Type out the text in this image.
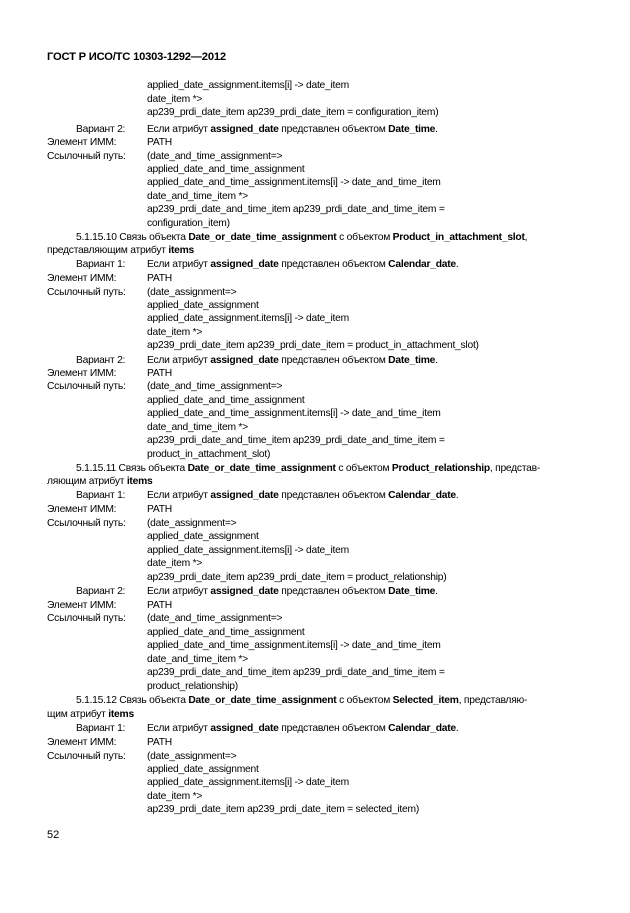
ГОСТ Р ИСО/ТС 10303-1292—2012
applied_date_assignment.items[i] -> date_item
date_item *>
ap239_prdi_date_item ap239_prdi_date_item = configuration_item)
Вариант 2: Если атрибут assigned_date представлен объектом Date_time.
Элемент ИММ:	PATH
Ссылочный путь: (date_and_time_assignment=>
applied_date_and_time_assignment
applied_date_and_time_assignment.items[i] -> date_and_time_item
date_and_time_item *>
ap239_prdi_date_and_time_item ap239_prdi_date_and_time_item =
configuration_item)
5.1.15.10 Связь объекта Date_or_date_time_assignment с объектом Product_in_attachment_slot,
представляющим атрибут items
Вариант 1: Если атрибут assigned_date представлен объектом Calendar_date.
Элемент ИММ:	PATH
Ссылочный путь: (date_assignment=>
applied_date_assignment
applied_date_assignment.items[i] -> date_item
date_item *>
ap239_prdi_date_item ap239_prdi_date_item = product_in_attachment_slot)
Вариант 2: Если атрибут assigned_date представлен объектом Date_time.
Элемент ИММ:	PATH
Ссылочный путь: (date_and_time_assignment=>
applied_date_and_time_assignment
applied_date_and_time_assignment.items[i] -> date_and_time_item
date_and_time_item *>
ap239_prdi_date_and_time_item ap239_prdi_date_and_time_item =
product_in_attachment_slot)
5.1.15.11 Связь объекта Date_or_date_time_assignment с объектом Product_relationship, представ-
ляющим атрибут items
Вариант 1: Если атрибут assigned_date представлен объектом Calendar_date.
Элемент ИММ:	PATH
Ссылочный путь: (date_assignment=>
applied_date_assignment
applied_date_assignment.items[i] -> date_item
date_item *>
ap239_prdi_date_item ap239_prdi_date_item = product_relationship)
Вариант 2: Если атрибут assigned_date представлен объектом Date_time.
Элемент ИММ:	PATH
Ссылочный путь: (date_and_time_assignment=>
applied_date_and_time_assignment
applied_date_and_time_assignment.items[i] -> date_and_time_item
date_and_time_item *>
ap239_prdi_date_and_time_item ap239_prdi_date_and_time_item =
product_relationship)
5.1.15.12 Связь объекта Date_or_date_time_assignment с объектом Selected_item, представляю-
щим атрибут items
Вариант 1: Если атрибут assigned_date представлен объектом Calendar_date.
Элемент ИММ:	PATH
Ссылочный путь: (date_assignment=>
applied_date_assignment
applied_date_assignment.items[i] -> date_item
date_item *>
ap239_prdi_date_item ap239_prdi_date_item = selected_item)
52
